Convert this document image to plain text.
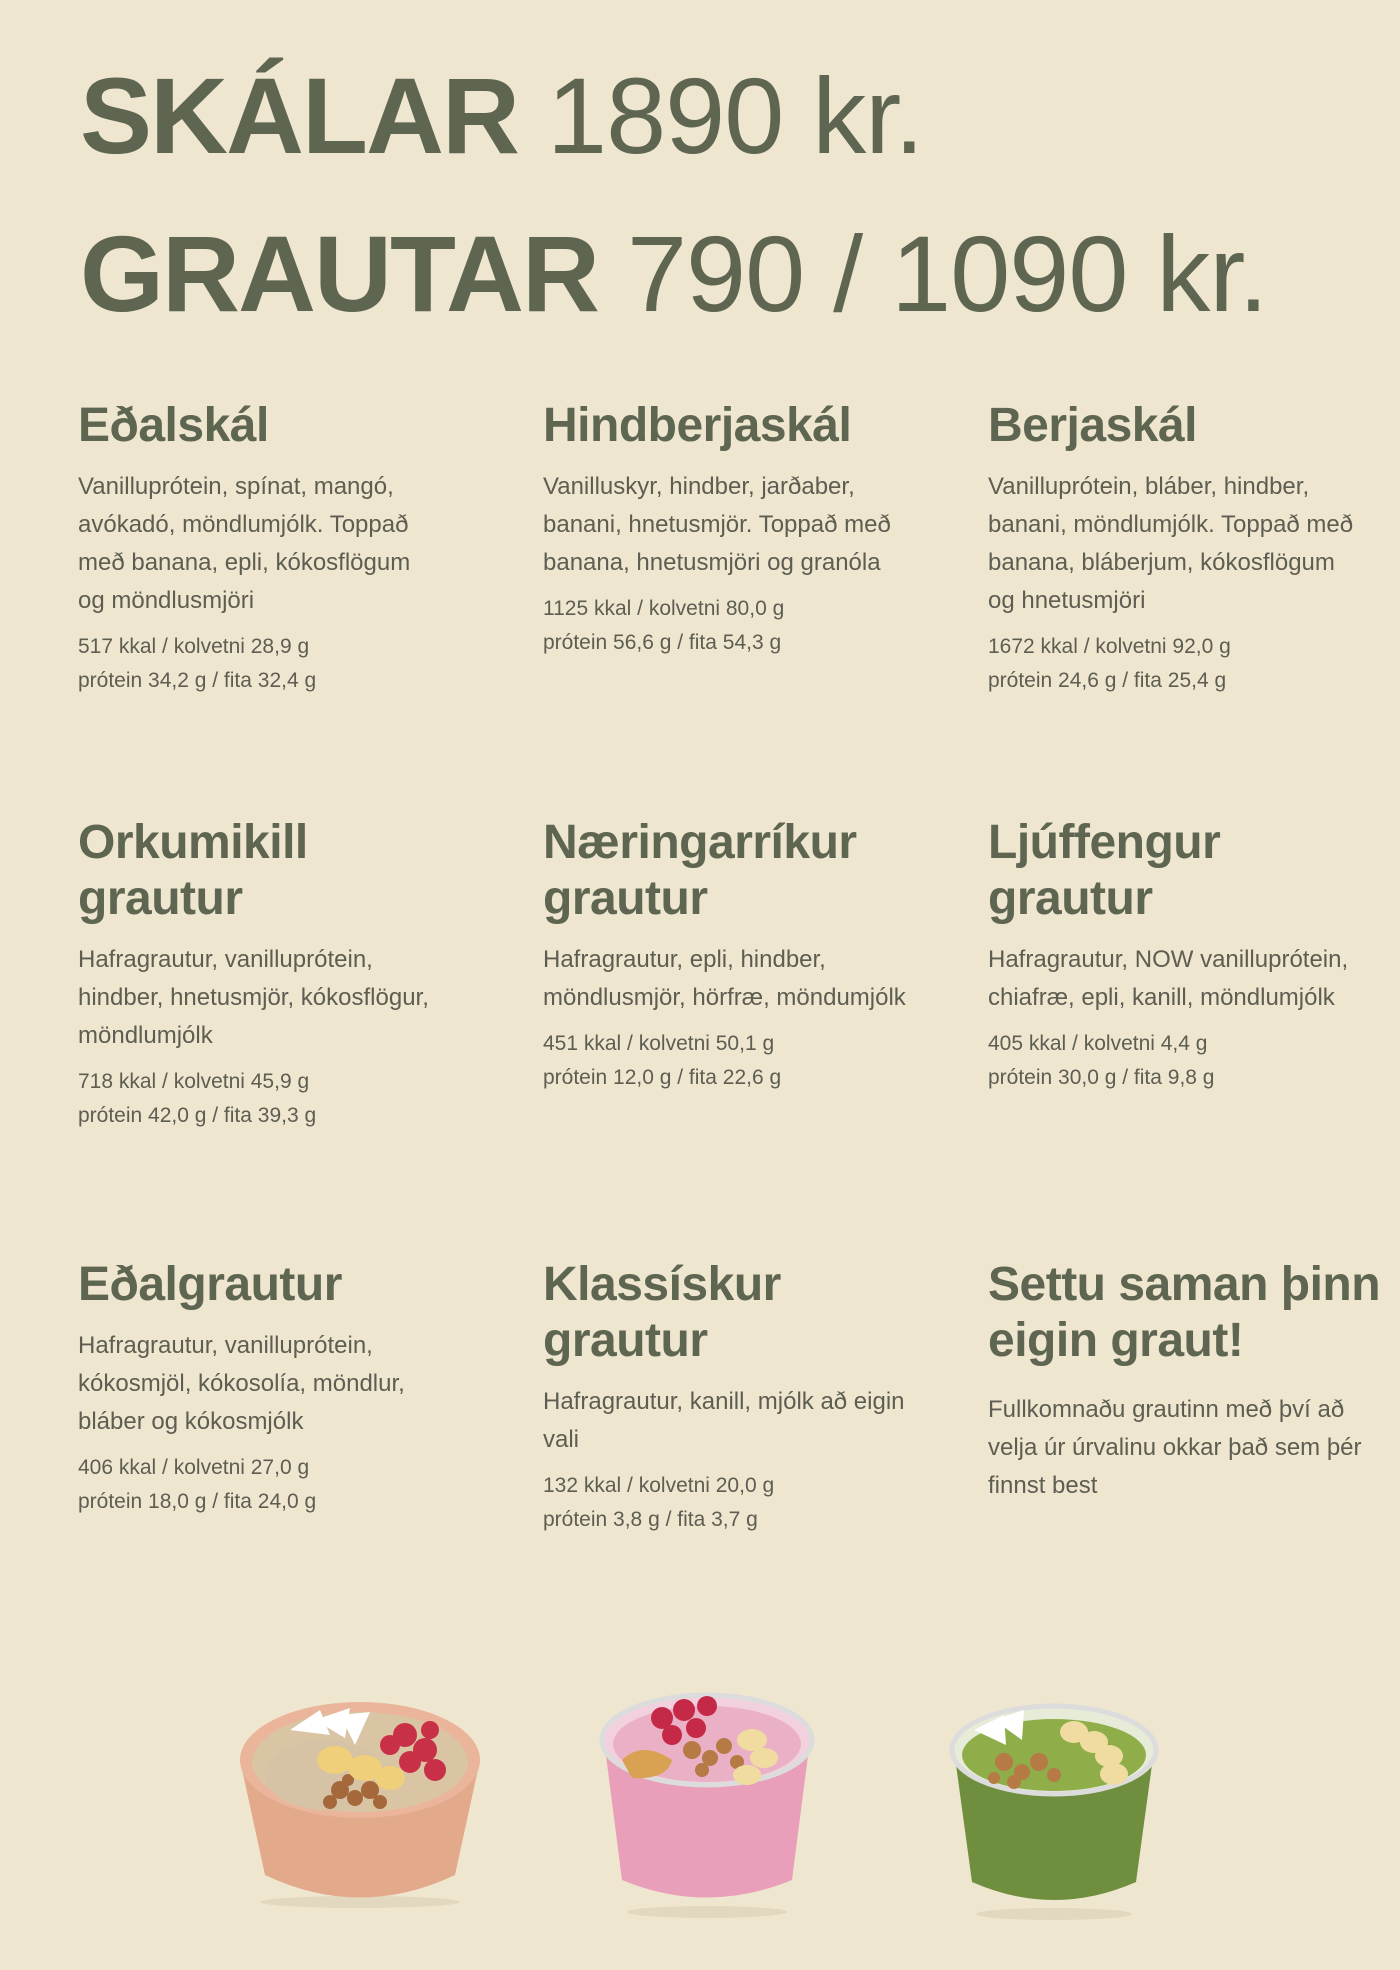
SKÁLAR 1890 kr.
GRAUTAR 790 / 1090 kr.
Eðalskál

Vanilluprótein, spínat, mangó, avókadó, möndlumjólk. Toppað með banana, epli, kókosflögum og möndlusmjöri

517 kkal / kolvetni 28,9 g
prótein 34,2 g / fita 32,4 g
Hindberjaskál

Vanilluskyr, hindber, jarðaber, banani, hnetusmjör. Toppað með banana, hnetusmjöri og granóla

1125 kkal / kolvetni 80,0 g
prótein 56,6 g / fita 54,3 g
Berjaskál

Vanilluprótein, bláber, hindber, banani, möndlumjólk. Toppað með banana, bláberjum, kókosflögum og hnetusmjöri

1672 kkal / kolvetni 92,0 g
prótein 24,6 g / fita 25,4 g
Orkumikill grautur

Hafragrautur, vanilluprótein, hindber, hnetusmjör, kókosflögur, möndlumjólk

718 kkal / kolvetni 45,9 g
prótein 42,0 g / fita 39,3 g
Næringarríkur grautur

Hafragrautur, epli, hindber, möndlusmjör, hörfræ, möndumjólk

451 kkal / kolvetni 50,1 g
prótein 12,0 g / fita 22,6 g
Ljúffengur grautur

Hafragrautur, NOW vanilluprótein, chiafræ, epli, kanill, möndlumjólk

405 kkal / kolvetni 4,4 g
prótein 30,0 g / fita 9,8 g
Eðalgrautur

Hafragrautur, vanilluprótein, kókosmjöl, kókosolía, möndlur, bláber og kókosmjólk

406 kkal / kolvetni 27,0 g
prótein 18,0 g / fita 24,0 g
Klassískur grautur

Hafragrautur, kanill, mjólk að eigin vali

132 kkal / kolvetni 20,0 g
prótein 3,8 g / fita 3,7 g
Settu saman þinn eigin graut!

Fullkomnaðu grautinn með því að velja úr úrvalinu okkar það sem þér finnst best
